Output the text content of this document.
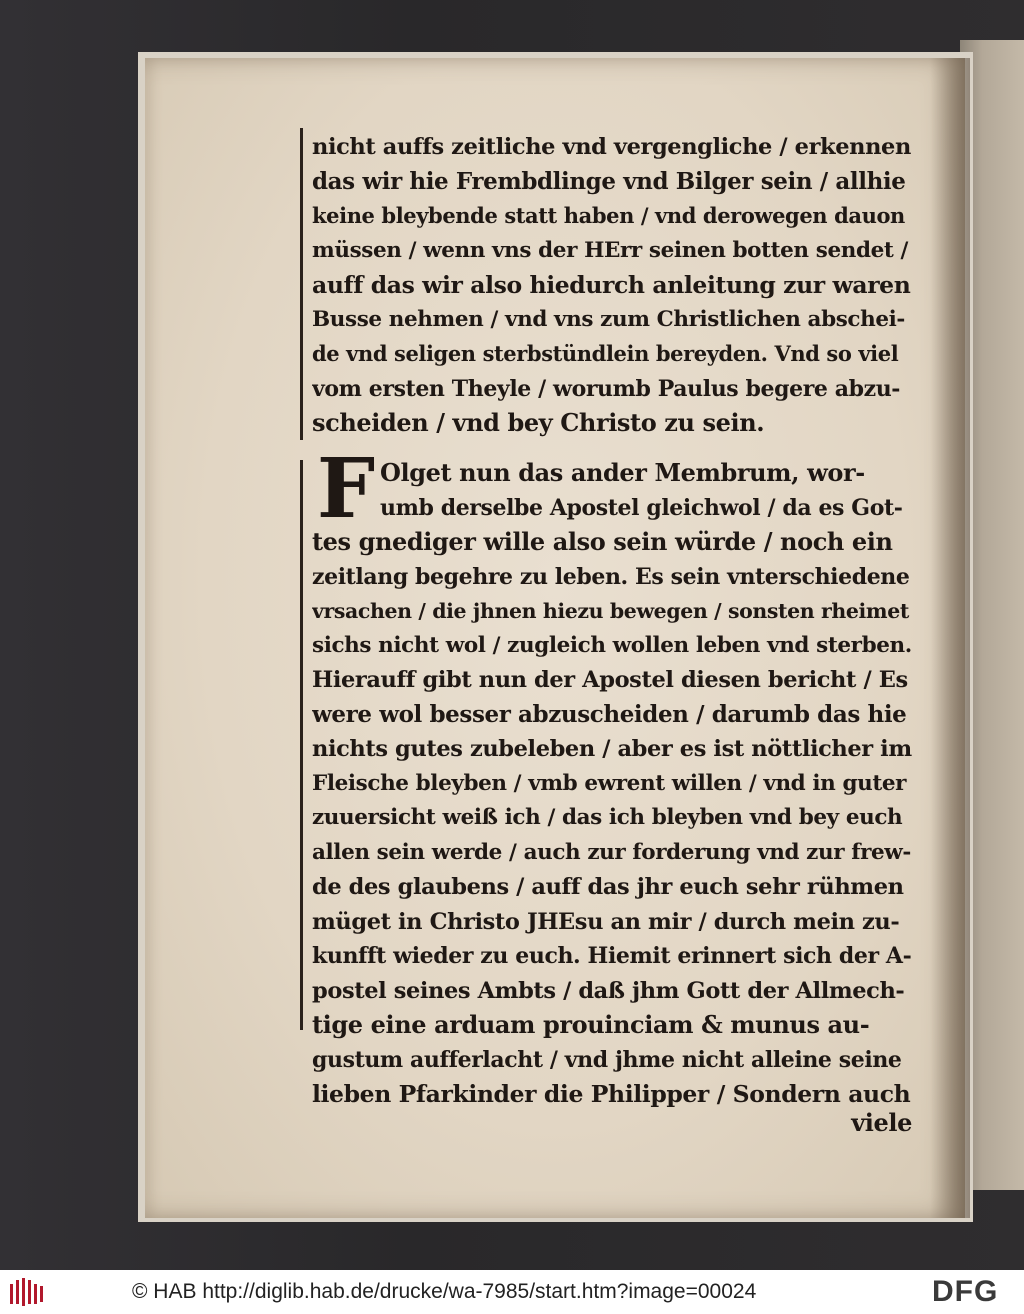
nicht auffs zeitliche vnd vergengliche / erkennen
das wir hie Frembdlinge vnd Bilger sein / allhie
keine bleybende statt haben / vnd derowegen dauon
müssen / wenn vns der HErr seinen botten sendet /
auff das wir also hiedurch anleitung zur waren
Busse nehmen / vnd vns zum Christlichen abschei-
de vnd seligen sterbstündlein bereyden. Vnd so viel
vom ersten Theyle / worumb Paulus begere abzu-
scheiden / vnd bey Christo zu sein.
F Olget nun das ander Membrum, wor-
umb derselbe Apostel gleichwol / da es Got-
tes gnediger wille also sein würde / noch ein
zeitlang begehre zu leben. Es sein vnterschiedene
vrsachen / die jhnen hiezu bewegen / sonsten rheimet
sichs nicht wol / zugleich wollen leben vnd sterben.
Hierauff gibt nun der Apostel diesen bericht / Es
were wol besser abzuscheiden / darumb das hie
nichts gutes zubeleben / aber es ist nöttlicher im
Fleische bleyben / vmb ewrent willen / vnd in guter
zuuersicht weiß ich / das ich bleyben vnd bey euch
allen sein werde / auch zur forderung vnd zur frew-
de des glaubens / auff das jhr euch sehr rühmen
müget in Christo JHEsu an mir / durch mein zu-
kunfft wieder zu euch. Hiemit erinnert sich der A-
postel seines Ambts / daß jhm Gott der Allmech-
tige eine arduam prouinciam & munus au-
gustum aufferlacht / vnd jhme nicht alleine seine
lieben Pfarkinder die Philipper / Sondern auch
viele
© HAB http://diglib.hab.de/drucke/wa-7985/start.htm?image=00024	DFG
